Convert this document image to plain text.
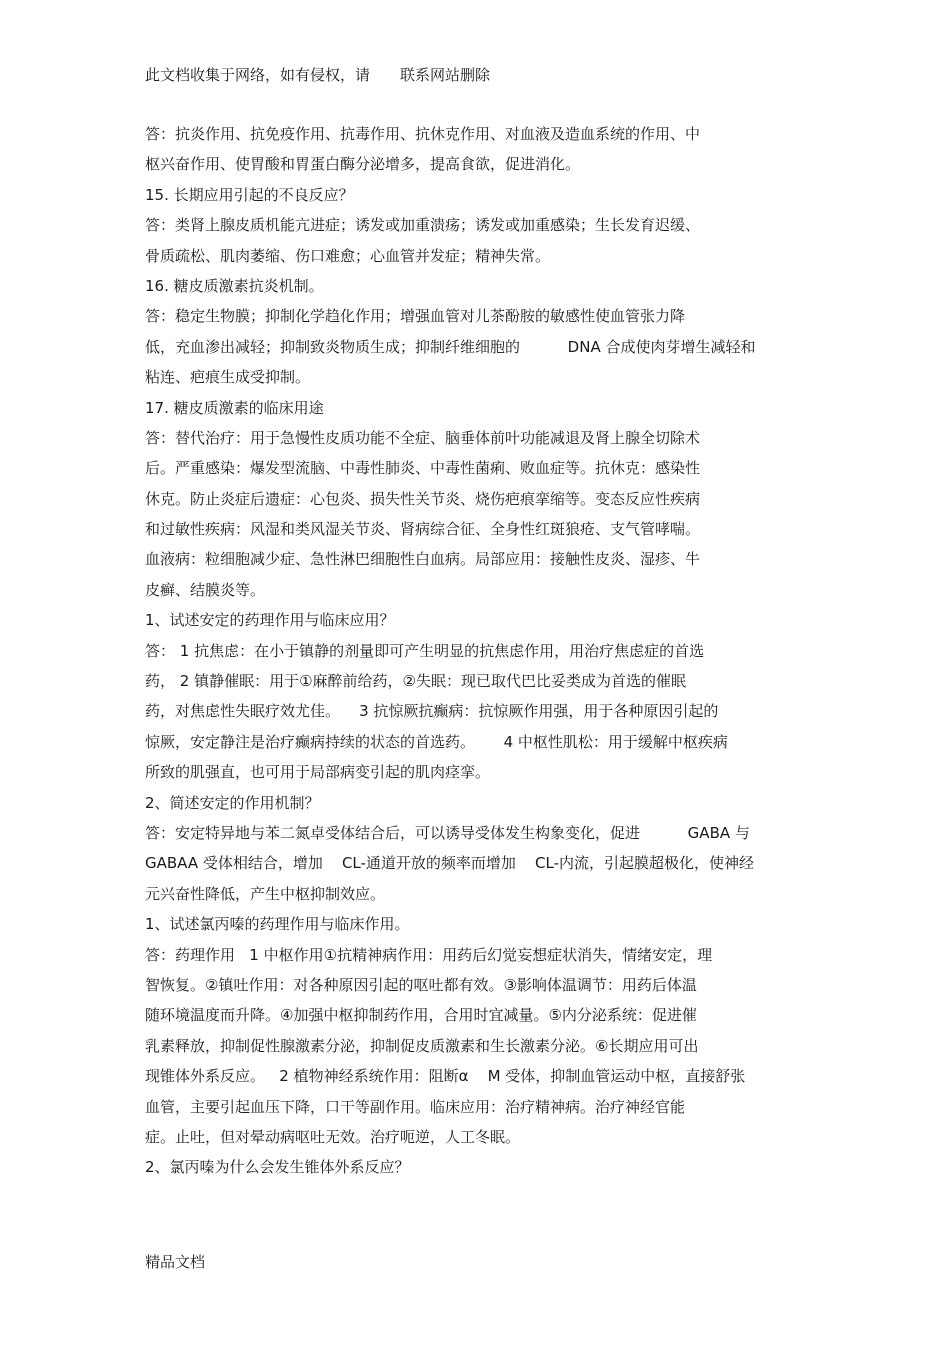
此文档收集于网络，如有侵权，请 联系网站删除
答：抗炎作用、抗免疫作用、抗毒作用、抗休克作用、对血液及造血系统的作用、中
枢兴奋作用、使胃酸和胃蛋白酶分泌增多，提高食欲，促进消化。
15. 长期应用引起的不良反应？
答：类肾上腺皮质机能亢进症；诱发或加重溃疡；诱发或加重感染；生长发育迟缓、
骨质疏松、肌肉萎缩、伤口难愈；心血管并发症；精神失常。
16. 糖皮质激素抗炎机制。
答：稳定生物膜；抑制化学趋化作用；增强血管对儿茶酚胺的敏感性使血管张力降
低，充血渗出减轻；抑制致炎物质生成；抑制纤维细胞的          DNA 合成使肉芽增生减轻和
粘连、疤痕生成受抑制。
17. 糖皮质激素的临床用途
答：替代治疗：用于急慢性皮质功能不全症、脑垂体前叶功能减退及肾上腺全切除术
后。严重感染：爆发型流脑、中毒性肺炎、中毒性菌痢、败血症等。抗休克：感染性
休克。防止炎症后遗症：心包炎、损失性关节炎、烧伤疤痕挛缩等。变态反应性疾病
和过敏性疾病：风湿和类风湿关节炎、肾病综合征、全身性红斑狼疮、支气管哮喘。
血液病：粒细胞减少症、急性淋巴细胞性白血病。局部应用：接触性皮炎、湿疹、牛
皮癣、结膜炎等。
1、试述安定的药理作用与临床应用？
答： 1 抗焦虑：在小于镇静的剂量即可产生明显的抗焦虑作用，用治疗焦虑症的首选
药， 2 镇静催眠：用于①麻醉前给药，②失眠：现已取代巴比妥类成为首选的催眠
药，对焦虑性失眠疗效尤佳。    3 抗惊厥抗癫病：抗惊厥作用强，用于各种原因引起的
惊厥，安定静注是治疗癫病持续的状态的首选药。      4 中枢性肌松：用于缓解中枢疾病
所致的肌强直，也可用于局部病变引起的肌肉痉挛。
2、简述安定的作用机制？
答：安定特异地与苯二氮卓受体结合后，可以诱导受体发生构象变化，促进          GABA 与
GABAA 受体相结合，增加    CL-通道开放的频率而增加    CL-内流，引起膜超极化，使神经
元兴奋性降低，产生中枢抑制效应。
1、试述氯丙嗪的药理作用与临床作用。
答：药理作用   1 中枢作用①抗精神病作用：用药后幻觉妄想症状消失，情绪安定，理
智恢复。②镇吐作用：对各种原因引起的呕吐都有效。③影响体温调节：用药后体温
随环境温度而升降。④加强中枢抑制药作用，合用时宜减量。⑤内分泌系统：促进催
乳素释放，抑制促性腺激素分泌，抑制促皮质激素和生长激素分泌。⑥长期应用可出
现锥体外系反应。   2 植物神经系统作用：阻断α    M 受体，抑制血管运动中枢，直接舒张
血管，主要引起血压下降，口干等副作用。临床应用：治疗精神病。治疗神经官能
症。止吐，但对晕动病呕吐无效。治疗呃逆，人工冬眠。
2、氯丙嗪为什么会发生锥体外系反应？
精品文档
